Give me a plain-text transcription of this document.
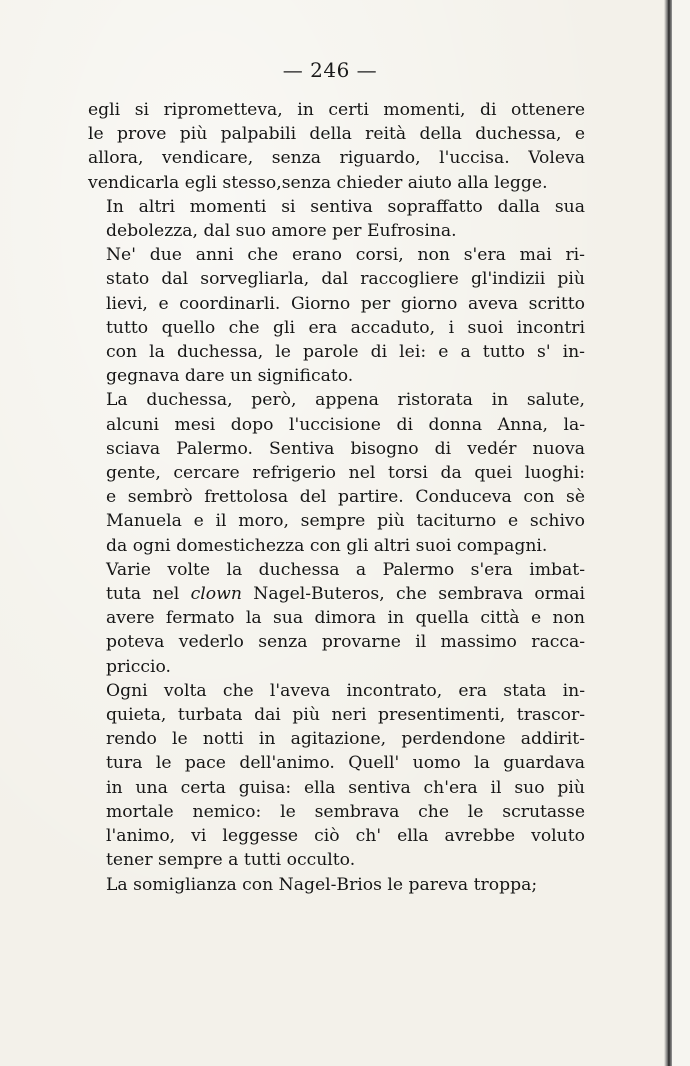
— 246 —

egli si riprometteva, in certi momenti, di ottenere
le prove più palpabili della reità della duchessa, e
allora, vendicare, senza riguardo, l'uccisa. Voleva
vendicarla egli stesso,senza chieder aiuto alla legge.

In altri momenti si sentiva sopraffatto dalla sua
debolezza, dal suo amore per Eufrosina.

Ne' due anni che erano corsi, non s'era mai ri-
stato dal sorvegliarla, dal raccogliere gl'indizii più
lievi, e coordinarli. Giorno per giorno aveva scritto
tutto quello che gli era accaduto, i suoi incontri
con la duchessa, le parole di lei: e a tutto s' in-
gegnava dare un significato.

La duchessa, però, appena ristorata in salute,
alcuni mesi dopo l'uccisione di donna Anna, la-
sciava Palermo. Sentiva bisogno di vedér nuova
gente, cercare refrigerio nel torsi da quei luoghi:
e sembrò frettolosa del partire. Conduceva con sè
Manuela e il moro, sempre più taciturno e schivo
da ogni domestichezza con gli altri suoi compagni.

Varie volte la duchessa a Palermo s'era imbat-
tuta nel clown Nagel-Buteros, che sembrava ormai
avere fermato la sua dimora in quella città e non
poteva vederlo senza provarne il massimo racca-
priccio.

Ogni volta che l'aveva incontrato, era stata in-
quieta, turbata dai più neri presentimenti, trascor-
rendo le notti in agitazione, perdendone addirit-
tura le pace dell'animo. Quell' uomo la guardava
in una certa guisa: ella sentiva ch'era il suo più
mortale nemico: le sembrava che le scrutasse
l'animo, vi leggesse ciò ch' ella avrebbe voluto
tener sempre a tutti occulto.

La somiglianza con Nagel-Brios le pareva troppa;
